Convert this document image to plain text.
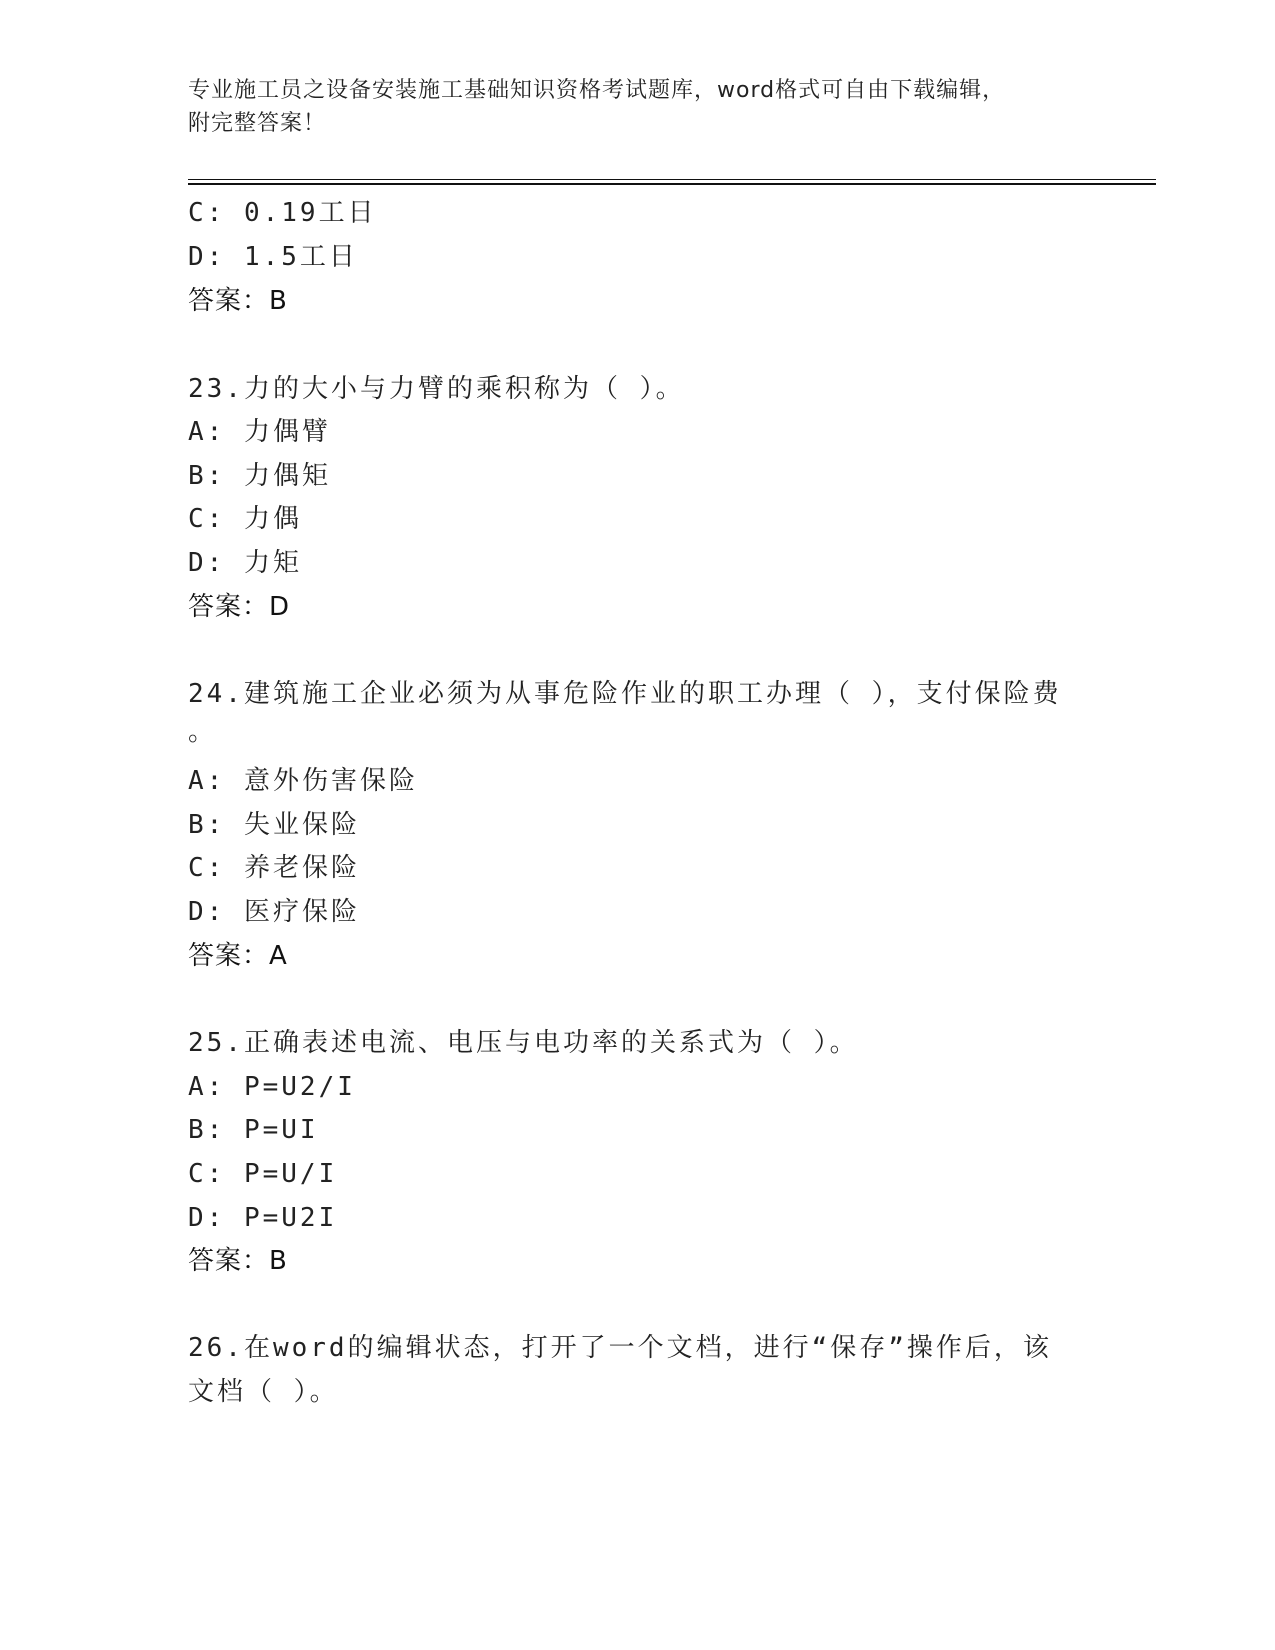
专业施工员之设备安装施工基础知识资格考试题库，word格式可自由下载编辑，

附完整答案！

C: 0.19工日

D: 1.5工日

答案：B

23.力的大小与力臂的乘积称为（ ）。

A: 力偶臂

B: 力偶矩

C: 力偶

D: 力矩

答案：D

24.建筑施工企业必须为从事危险作业的职工办理（ ），支付保险费

。

A: 意外伤害保险

B: 失业保险

C: 养老保险

D: 医疗保险

答案：A

25.正确表述电流、电压与电功率的关系式为（ ）。

A: P=U2/I

B: P=UI

C: P=U/I

D: P=U2I

答案：B

26.在word的编辑状态，打开了一个文档，进行“保存”操作后，该

文档（ ）。
